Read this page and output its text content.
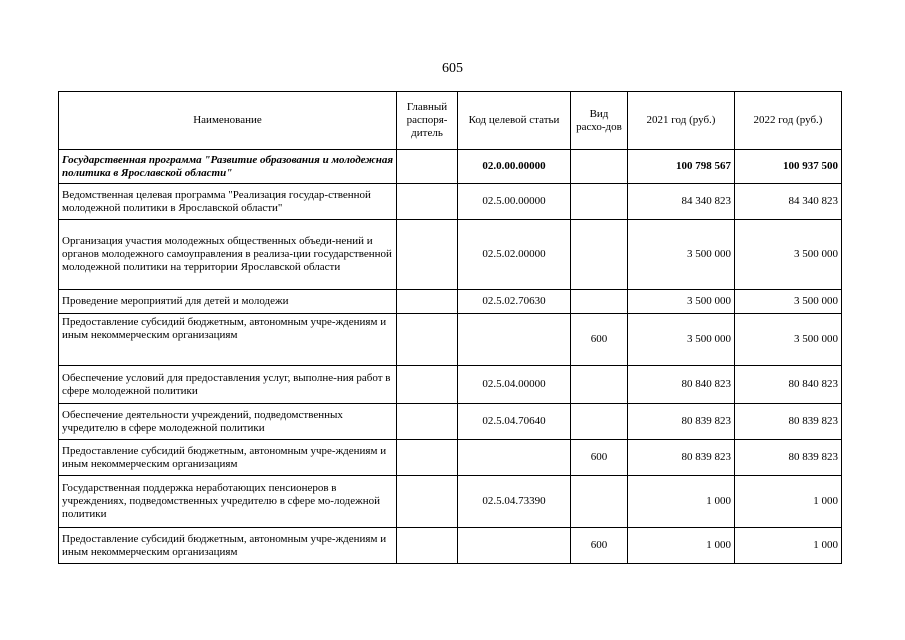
605
Наименование	Главный распоря-дитель	Код целевой статьи	Вид расхо-дов	2021 год (руб.)	2022 год (руб.)
Государственная программа "Развитие образования и молодежная политика в Ярославской области"		02.0.00.00000		100 798 567	100 937 500
Ведомственная целевая программа "Реализация государ-ственной молодежной политики в Ярославской области"		02.5.00.00000		84 340 823	84 340 823
Организация участия молодежных общественных объеди-нений и органов молодежного самоуправления в реализа-ции государственной молодежной политики на территории Ярославской области		02.5.02.00000		3 500 000	3 500 000
Проведение мероприятий для детей и молодежи		02.5.02.70630		3 500 000	3 500 000
Предоставление субсидий бюджетным, автономным учре-ждениям и иным некоммерческим организациям			600	3 500 000	3 500 000
Обеспечение условий для предоставления услуг, выполне-ния работ в сфере молодежной политики		02.5.04.00000		80 840 823	80 840 823
Обеспечение деятельности учреждений, подведомственных учредителю в сфере молодежной политики		02.5.04.70640		80 839 823	80 839 823
Предоставление субсидий бюджетным, автономным учре-ждениям и иным некоммерческим организациям			600	80 839 823	80 839 823
Государственная поддержка неработающих пенсионеров в учреждениях, подведомственных учредителю в сфере мо-лодежной политики		02.5.04.73390		1 000	1 000
Предоставление субсидий бюджетным, автономным учре-ждениям и иным некоммерческим организациям			600	1 000	1 000
